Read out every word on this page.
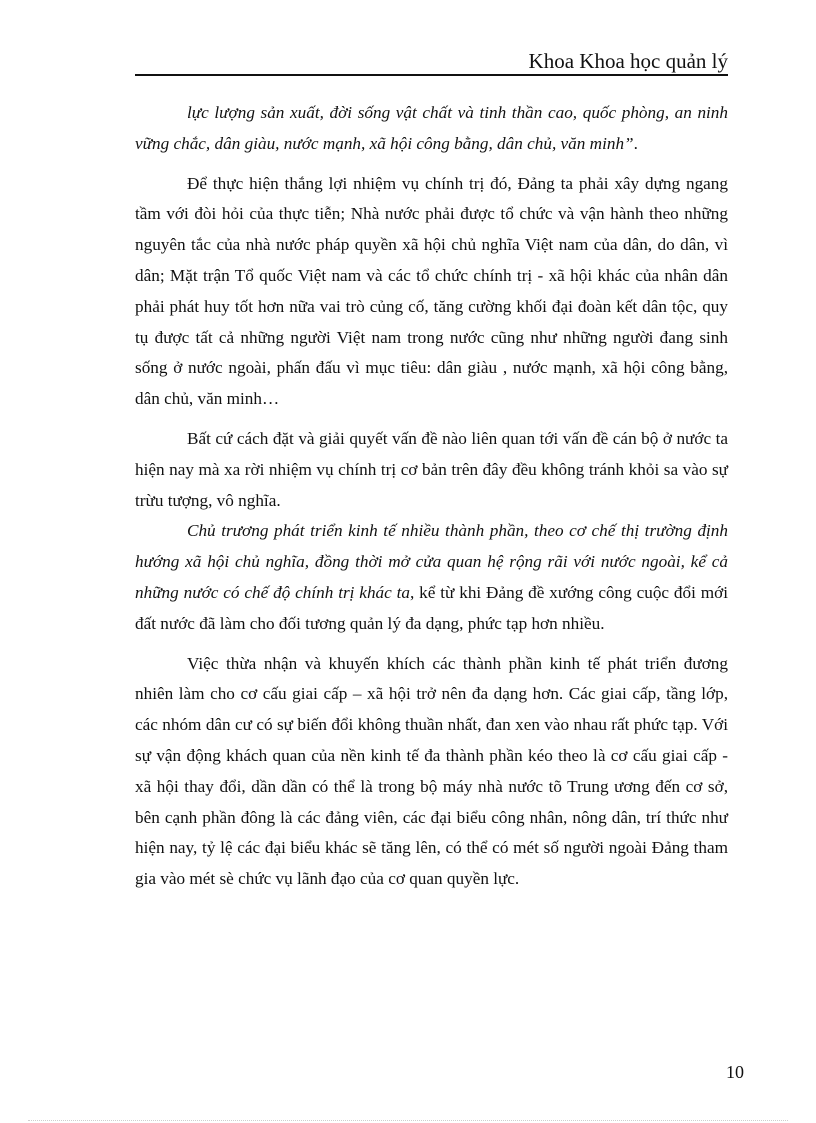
Khoa Khoa học quản lý

lực lượng sản xuất, đời sống vật chất và tinh thần cao, quốc phòng, an ninh vững chắc, dân giàu, nước mạnh, xã hội công bằng, dân chủ, văn minh”.

Để thực hiện thắng lợi nhiệm vụ chính trị đó, Đảng ta phải xây dựng ngang tầm với đòi hỏi của thực tiễn; Nhà nước phải được tổ chức và vận hành theo những nguyên tắc của nhà nước pháp quyền xã hội chủ nghĩa Việt nam của dân, do dân, vì dân; Mặt trận Tổ quốc Việt nam và các tổ chức chính trị - xã hội khác của nhân dân phải phát huy tốt hơn nữa vai trò củng cố, tăng cường khối đại đoàn kết dân tộc, quy tụ được tất cả những người Việt nam trong nước cũng như những người đang sinh sống ở nước ngoài, phấn đấu vì mục tiêu: dân giàu , nước mạnh, xã hội công bằng, dân chủ, văn minh…

Bất cứ cách đặt và giải quyết vấn đề nào liên quan tới vấn đề cán bộ ở nước ta hiện nay mà xa rời nhiệm vụ chính trị cơ bản trên đây đều không tránh khỏi sa vào sự trừu tượng, vô nghĩa.

Chủ trương phát triển kinh tế nhiều thành phần, theo cơ chế thị trường định hướng xã hội chủ nghĩa, đồng thời mở cửa quan hệ rộng rãi với nước ngoài, kể cả những nước có chế độ chính trị khác ta, kể từ khi Đảng đề xướng công cuộc đổi mới đất nước đã làm cho đối tương quản lý đa dạng, phức tạp hơn nhiều.

Việc thừa nhận và khuyến khích các thành phần kinh tế phát triển đương nhiên làm cho cơ cấu giai cấp – xã hội trở nên đa dạng hơn. Các giai cấp, tầng lớp, các nhóm dân cư có sự biến đổi không thuần nhất, đan xen vào nhau rất phức tạp. Với sự vận động khách quan của nền kinh tế đa thành phần kéo theo là cơ cấu giai cấp - xã hội thay đổi, dần dần có thể là trong bộ máy nhà nước tõ Trung ương đến cơ sở, bên cạnh phần đông là các đảng viên, các đại biểu công nhân, nông dân, trí thức như hiện nay, tỷ lệ các đại biểu khác sẽ tăng lên, có thể có mét số người ngoài Đảng tham gia vào mét sè chức vụ lãnh đạo của cơ quan quyền lực.

10
